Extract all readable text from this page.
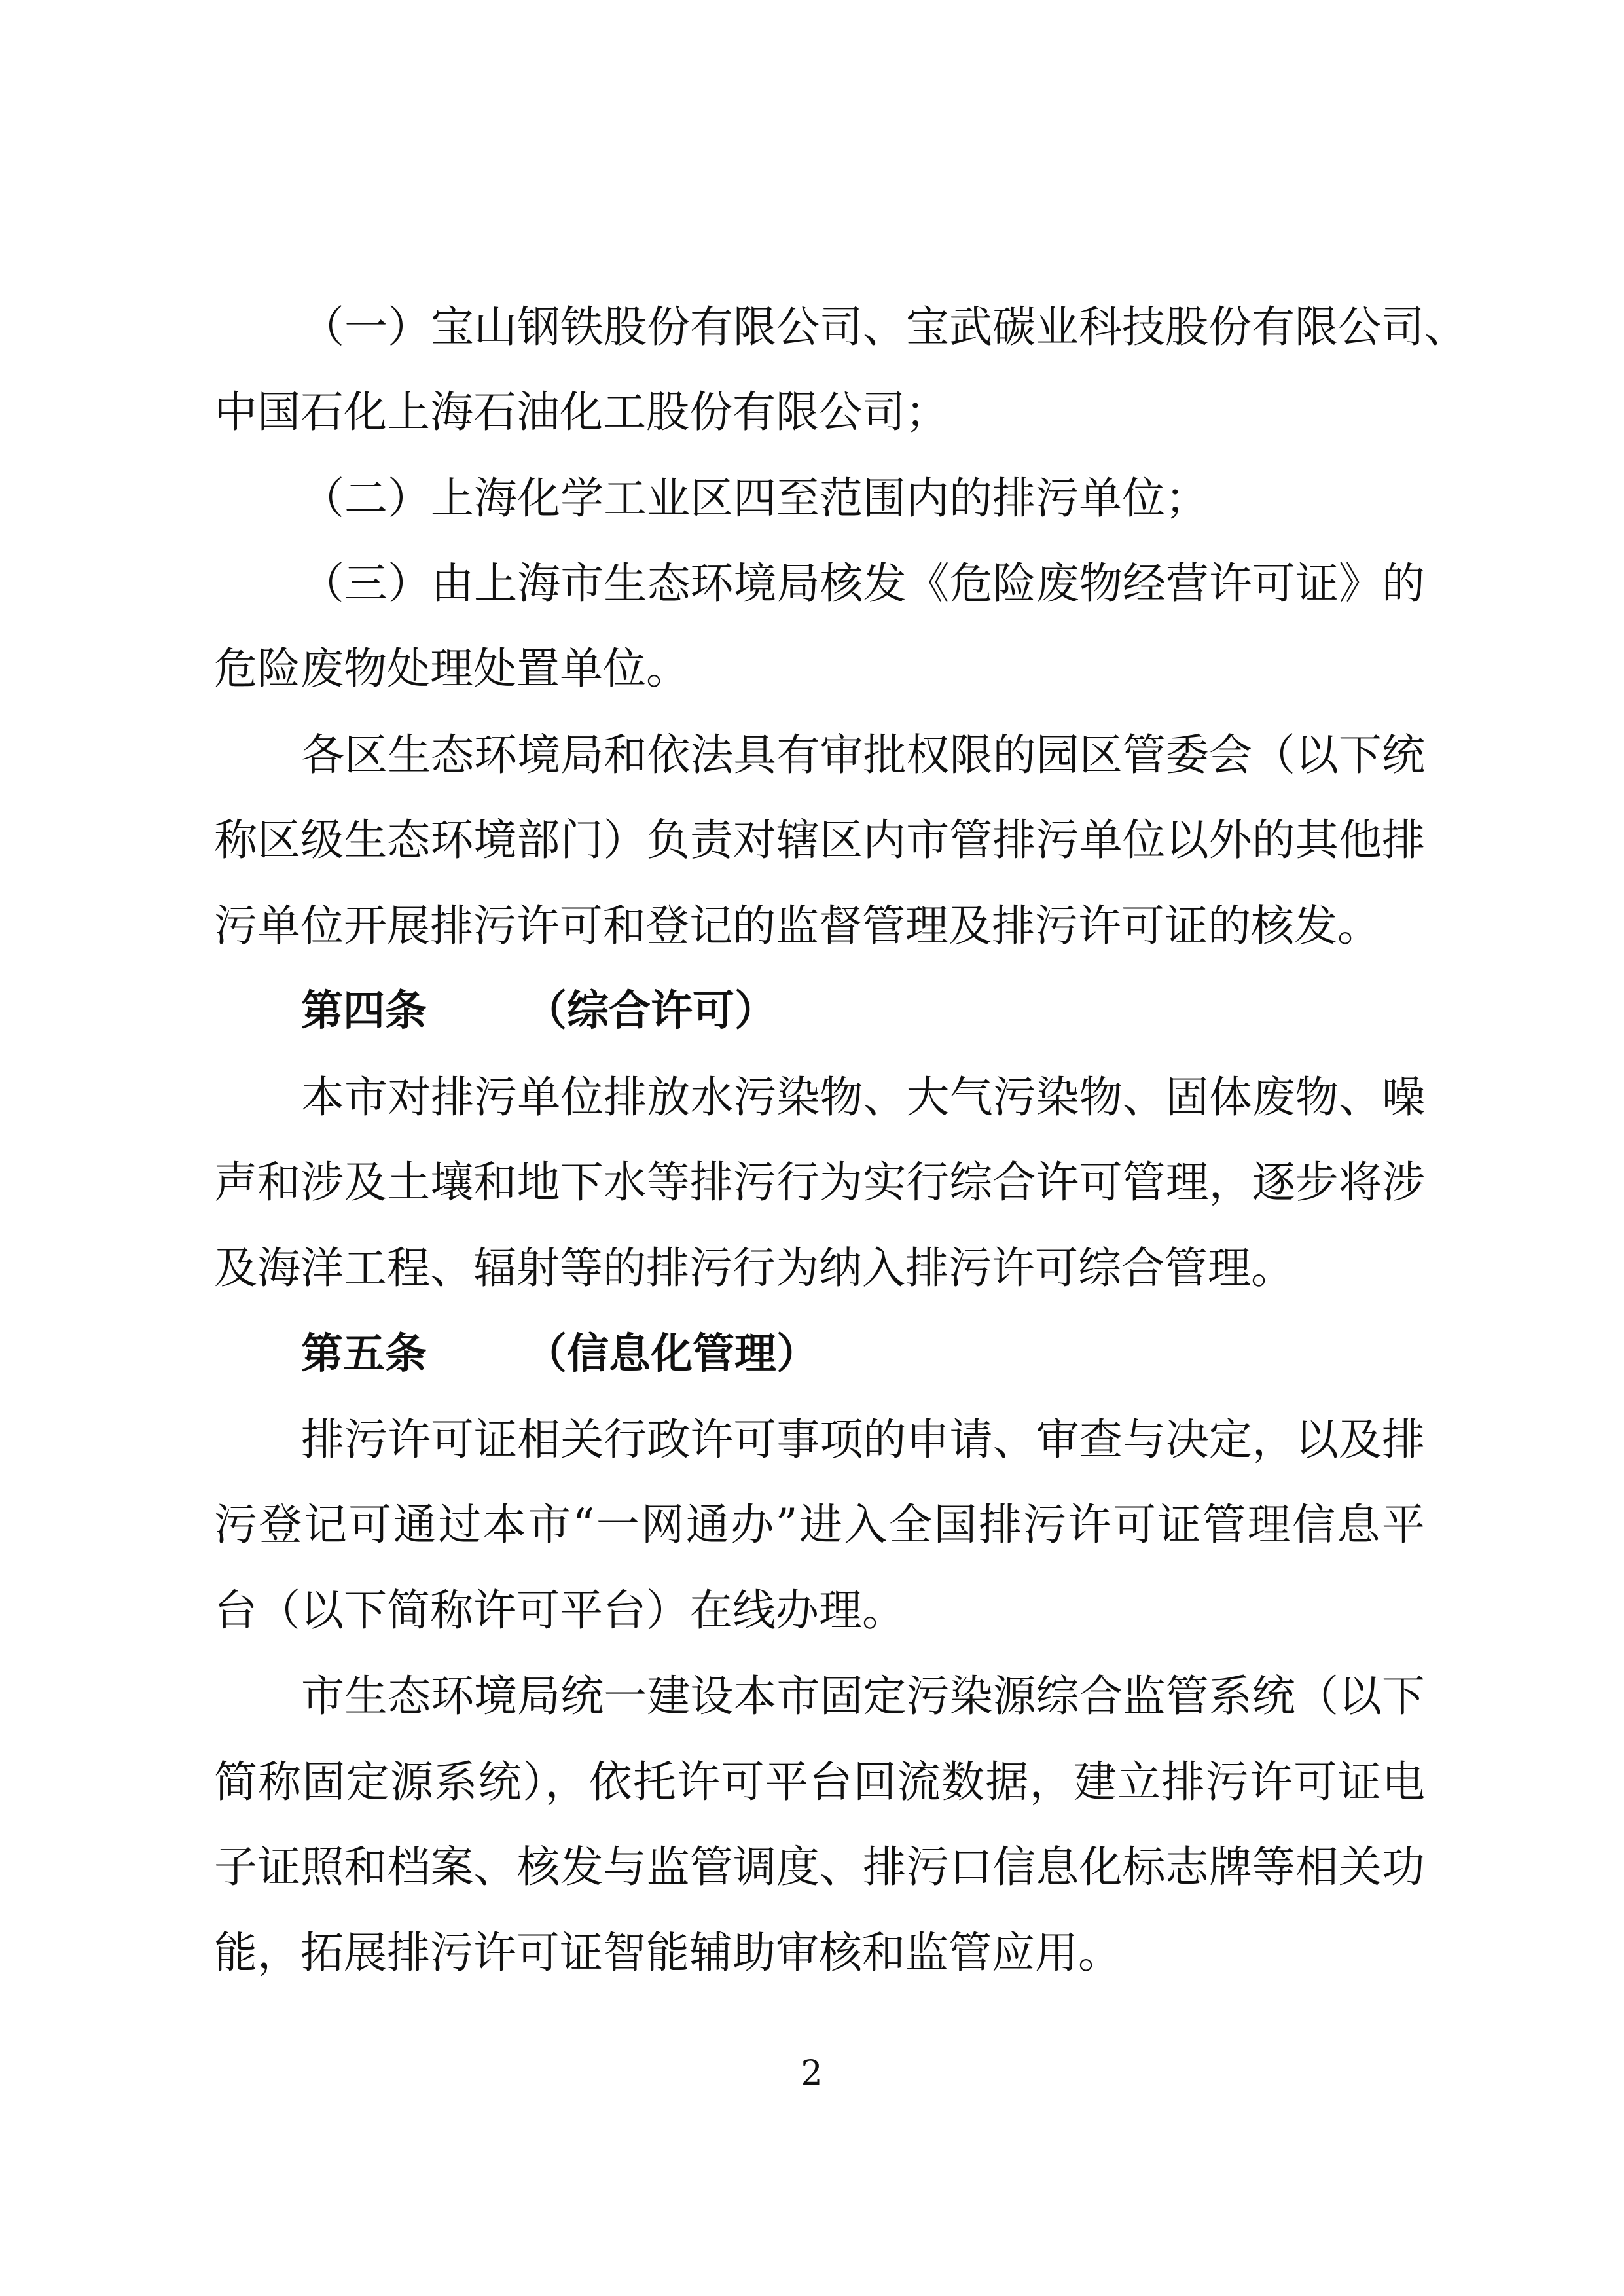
（一）宝山钢铁股份有限公司、宝武碳业科技股份有限公司、
中国石化上海石油化工股份有限公司；
（二）上海化学工业区四至范围内的排污单位；
（三）由上海市生态环境局核发《危险废物经营许可证》的
危险废物处理处置单位。
各区生态环境局和依法具有审批权限的园区管委会（以下统
称区级生态环境部门）负责对辖区内市管排污单位以外的其他排
污单位开展排污许可和登记的监督管理及排污许可证的核发。
第四条 （综合许可）
本市对排污单位排放水污染物、大气污染物、固体废物、噪
声和涉及土壤和地下水等排污行为实行综合许可管理，逐步将涉
及海洋工程、辐射等的排污行为纳入排污许可综合管理。
第五条 （信息化管理）
排污许可证相关行政许可事项的申请、审查与决定，以及排
污登记可通过本市“一网通办”进入全国排污许可证管理信息平
台（以下简称许可平台）在线办理。
市生态环境局统一建设本市固定污染源综合监管系统（以下
简称固定源系统），依托许可平台回流数据，建立排污许可证电
子证照和档案、核发与监管调度、排污口信息化标志牌等相关功
能，拓展排污许可证智能辅助审核和监管应用。
2
